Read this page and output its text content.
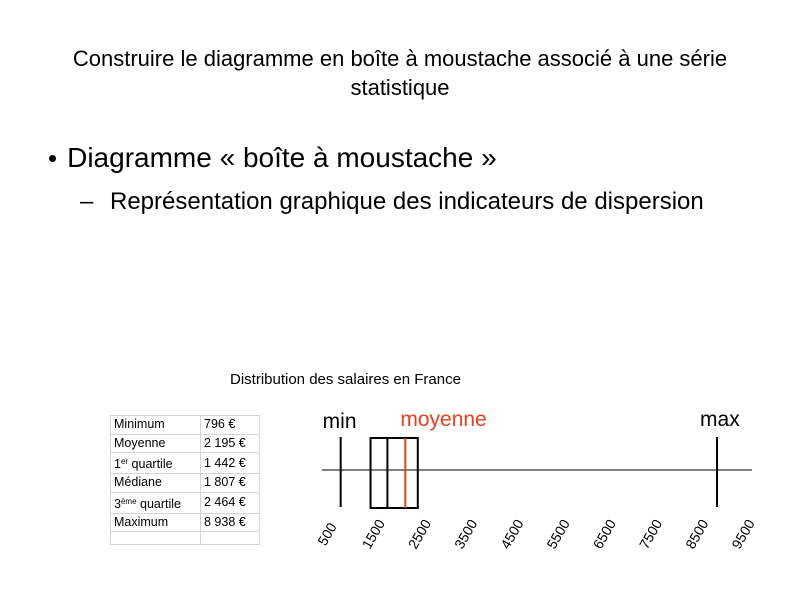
Construire le diagramme en boîte à moustache associé à une série statistique
• Diagramme « boîte à moustache »
– Représentation graphique des indicateurs de dispersion
Distribution des salaires en France
Minimum	796 €
Moyenne	2 195 €
1er quartile	1 442 €
Médiane	1 807 €
3ème quartile	2 464 €
Maximum	8 938 €

min moyenne	max
500 1500 2500 3500 4500 5500 6500 7500 8500 9500
